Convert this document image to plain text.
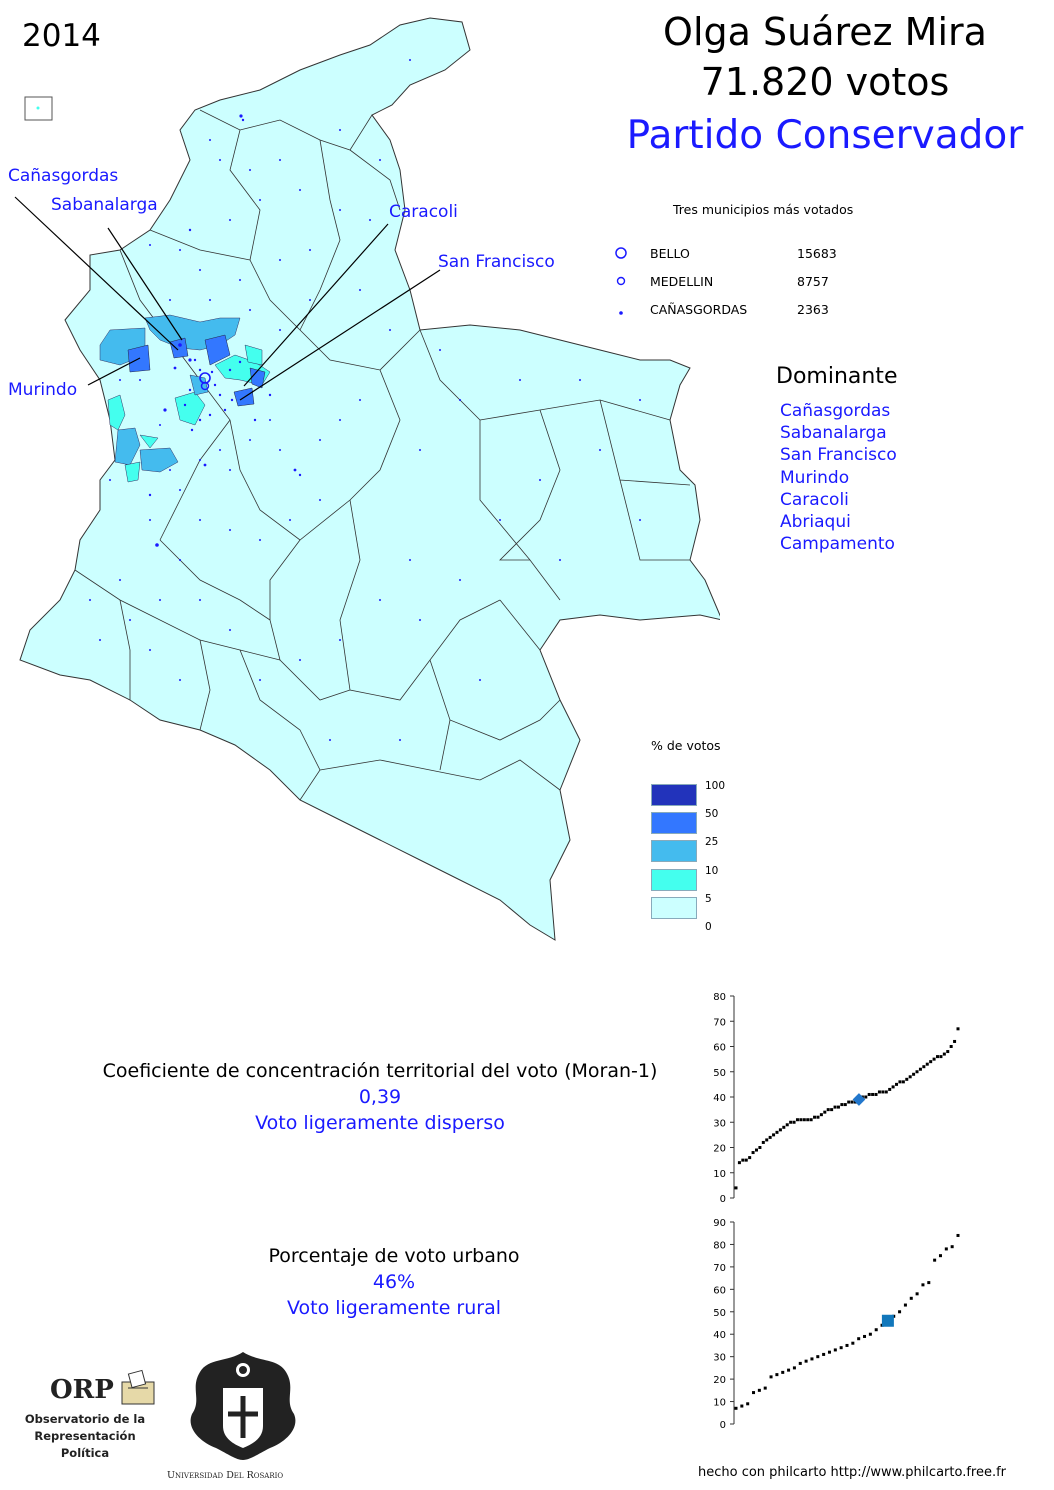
Cañasgordas
Sabanalarga	Caracoli
San Francisco
Murindo
2014	Olga Suárez Mira
71.820 votos
Partido Conservador
Tres municipios más votados
BELLO	15683
MEDELLIN	8757
CAÑASGORDAS	2363
Dominante
Cañasgordas
Sabanalarga
San Francisco
Murindo
Caracoli
Abriaqui
Campamento
% de votos
100
50
25
10
5
0
Coeficiente de concentración territorial del voto (Moran-1)
0,39
Voto ligeramente disperso
Porcentaje de voto urbano
46%
Voto ligeramente rural
0
10
20
30
40
50
60
70
80
0
10
20
30
40
50
60
70
80
90
ORP
Observatorio de la
Representación Política
Universidad Del Rosario	hecho con philcarto http://www.philcarto.free.fr
